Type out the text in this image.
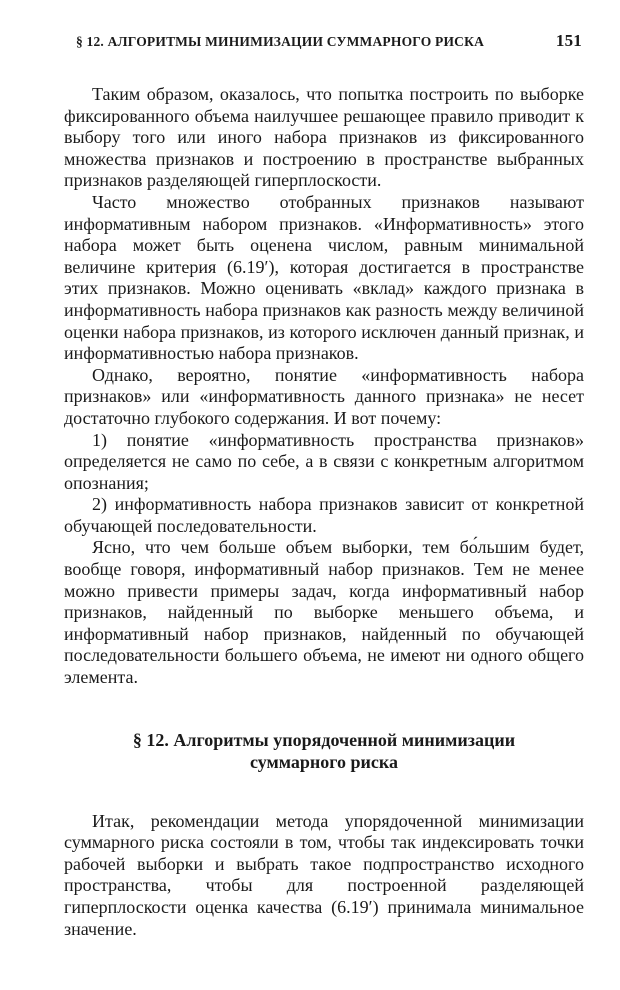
§ 12. АЛГОРИТМЫ МИНИМИЗАЦИИ СУММАРНОГО РИСКА	151

Таким образом, оказалось, что попытка построить по выборке фиксированного объема наилучшее решающее правило приводит к выбору того или иного набора признаков из фиксированного множества признаков и построению в пространстве выбранных признаков разделяющей гиперплоскости.

Часто множество отобранных признаков называют информативным набором признаков. «Информативность» этого набора может быть оценена числом, равным минимальной величине критерия (6.19′), которая достигается в пространстве этих признаков. Можно оценивать «вклад» каждого признака в информативность набора признаков как разность между величиной оценки набора признаков, из которого исключен данный признак, и информативностью набора признаков.

Однако, вероятно, понятие «информативность набора признаков» или «информативность данного признака» не несет достаточно глубокого содержания. И вот почему:

1) понятие «информативность пространства признаков» определяется не само по себе, а в связи с конкретным алгоритмом опознания;

2) информативность набора признаков зависит от конкретной обучающей последовательности.

Ясно, что чем больше объем выборки, тем бо́льшим будет, вообще говоря, информативный набор признаков. Тем не менее можно привести примеры задач, когда информативный набор признаков, найденный по выборке меньшего объема, и информативный набор признаков, найденный по обучающей последовательности большего объема, не имеют ни одного общего элемента.

§ 12. Алгоритмы упорядоченной минимизации
суммарного риска

Итак, рекомендации метода упорядоченной минимизации суммарного риска состояли в том, чтобы так индексировать точки рабочей выборки и выбрать такое подпространство исходного пространства, чтобы для построенной разделяющей гиперплоскости оценка качества (6.19′) принимала минимальное значение.
